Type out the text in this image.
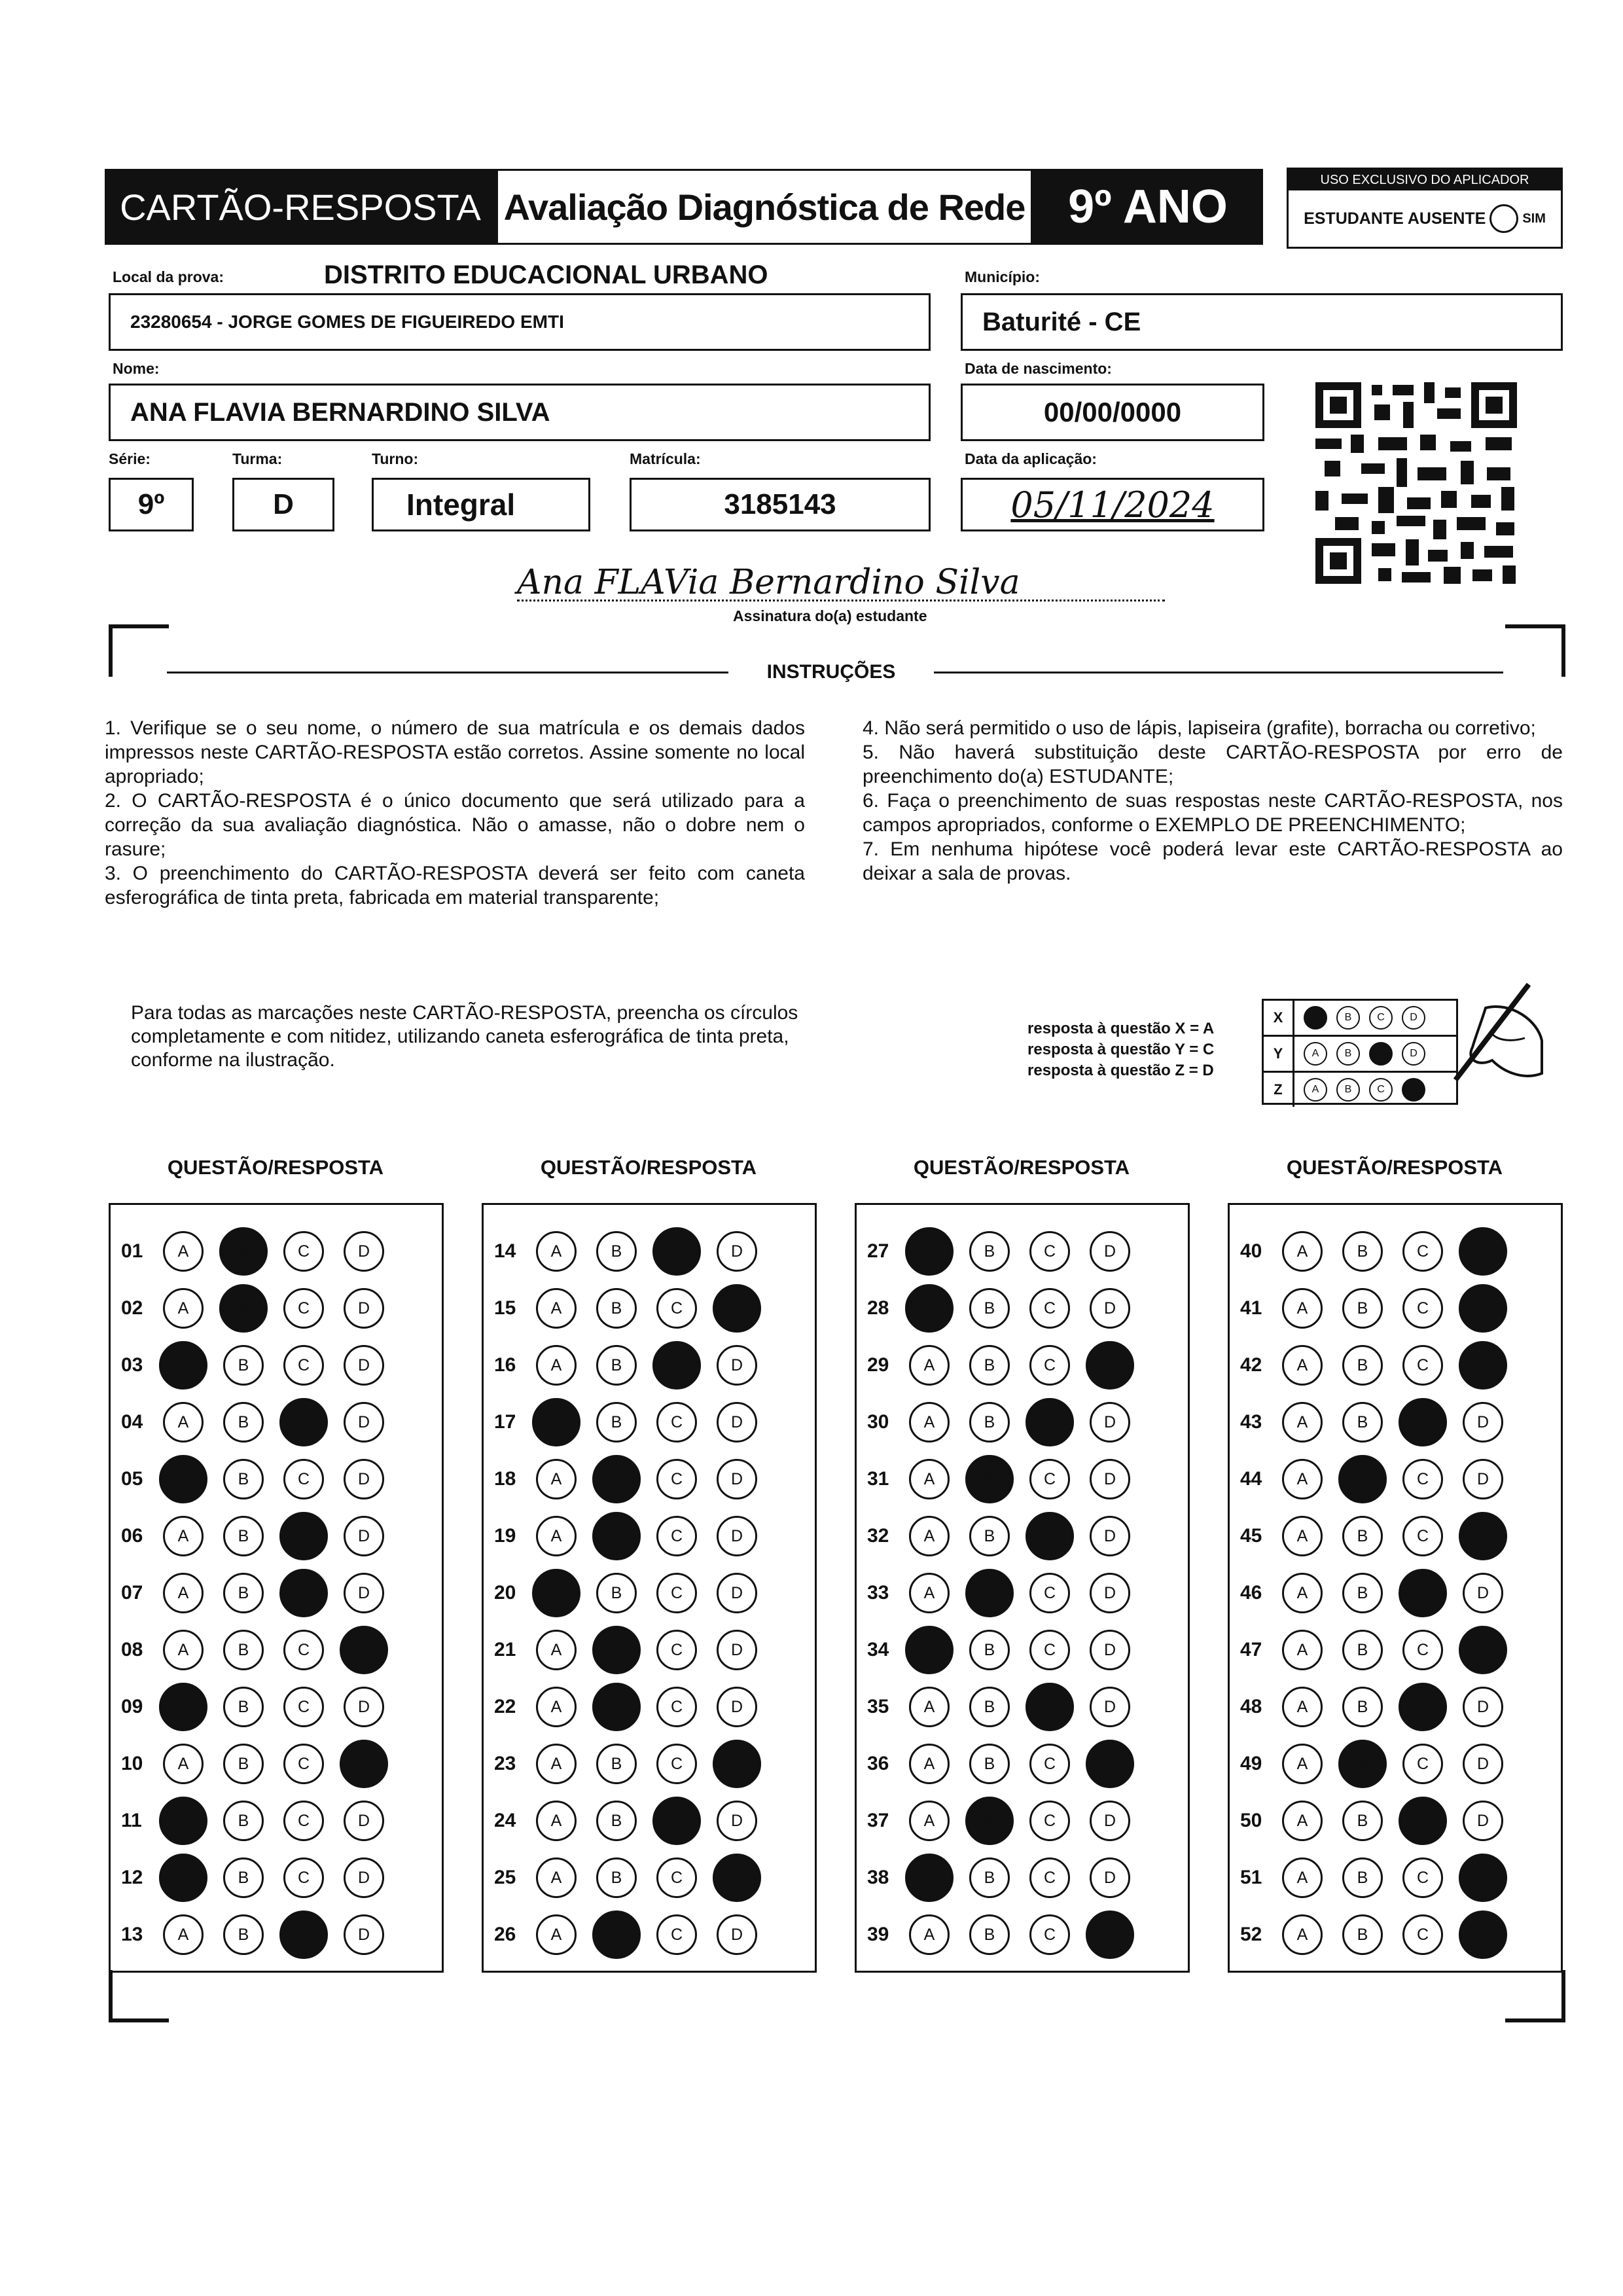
CARTÃO-RESPOSTA Avaliação Diagnóstica de Rede 9º ANO
USO EXCLUSIVO DO APLICADOR
ESTUDANTE AUSENTE	SIM
Local da prova:	DISTRITO EDUCACIONAL URBANO
23280654 - JORGE GOMES DE FIGUEIREDO EMTI
Município:
Baturité - CE
Nome:
ANA FLAVIA BERNARDINO SILVA
Data de nascimento:
00/00/0000
Série:
9º
Turma:
D
Turno:
Integral
Matrícula:
3185143
Data da aplicação:
05/11/2024
Ana FLAVia Bernardino Silva
Assinatura do(a) estudante
INSTRUÇÕES

1. Verifique se o seu nome, o número de sua matrícula e os demais dados impressos neste CARTÃO-RESPOSTA estão corretos. Assine somente no local apropriado;

2. O CARTÃO-RESPOSTA é o único documento que será utilizado para a correção da sua avaliação diagnóstica. Não o amasse, não o dobre nem o rasure;

3. O preenchimento do CARTÃO-RESPOSTA deverá ser feito com caneta esferográfica de tinta preta, fabricada em material transparente;

4. Não será permitido o uso de lápis, lapiseira (grafite), borracha ou corretivo;

5. Não haverá substituição deste CARTÃO-RESPOSTA por erro de preenchimento do(a) ESTUDANTE;

6. Faça o preenchimento de suas respostas neste CARTÃO-RESPOSTA, nos campos apropriados, conforme o EXEMPLO DE PREENCHIMENTO;

7. Em nenhuma hipótese você poderá levar este CARTÃO-RESPOSTA ao deixar a sala de provas.

Para todas as marcações neste CARTÃO-RESPOSTA, preencha os círculos completamente e com nitidez, utilizando caneta esferográfica de tinta preta, conforme na ilustração.
resposta à questão X = A
resposta à questão Y = C
resposta à questão Z = D
X	A	B	C	D
Y	A	B	C	D
Z	A	B	C	D
QUESTÃO/RESPOSTA	QUESTÃO/RESPOSTA	QUESTÃO/RESPOSTA	QUESTÃO/RESPOSTA
01	A	B	C	D
02	A	B	C	D
03	A	B	C	D
04	A	B	C	D
05	A	B	C	D
06	A	B	C	D
07	A	B	C	D
08	A	B	C	D
09	A	B	C	D
10	A	B	C	D
11	A	B	C	D
12	A	B	C	D
13	A	B	C	D
14	A	B	C	D
15	A	B	C	D
16	A	B	C	D
17	A	B	C	D
18	A	B	C	D
19	A	B	C	D
20	A	B	C	D
21	A	B	C	D
22	A	B	C	D
23	A	B	C	D
24	A	B	C	D
25	A	B	C	D
26	A	B	C	D
27	A	B	C	D
28	A	B	C	D
29	A	B	C	D
30	A	B	C	D
31	A	B	C	D
32	A	B	C	D
33	A	B	C	D
34	A	B	C	D
35	A	B	C	D
36	A	B	C	D
37	A	B	C	D
38	A	B	C	D
39	A	B	C	D
40	A	B	C	D
41	A	B	C	D
42	A	B	C	D
43	A	B	C	D
44	A	B	C	D
45	A	B	C	D
46	A	B	C	D
47	A	B	C	D
48	A	B	C	D
49	A	B	C	D
50	A	B	C	D
51	A	B	C	D
52	A	B	C	D
